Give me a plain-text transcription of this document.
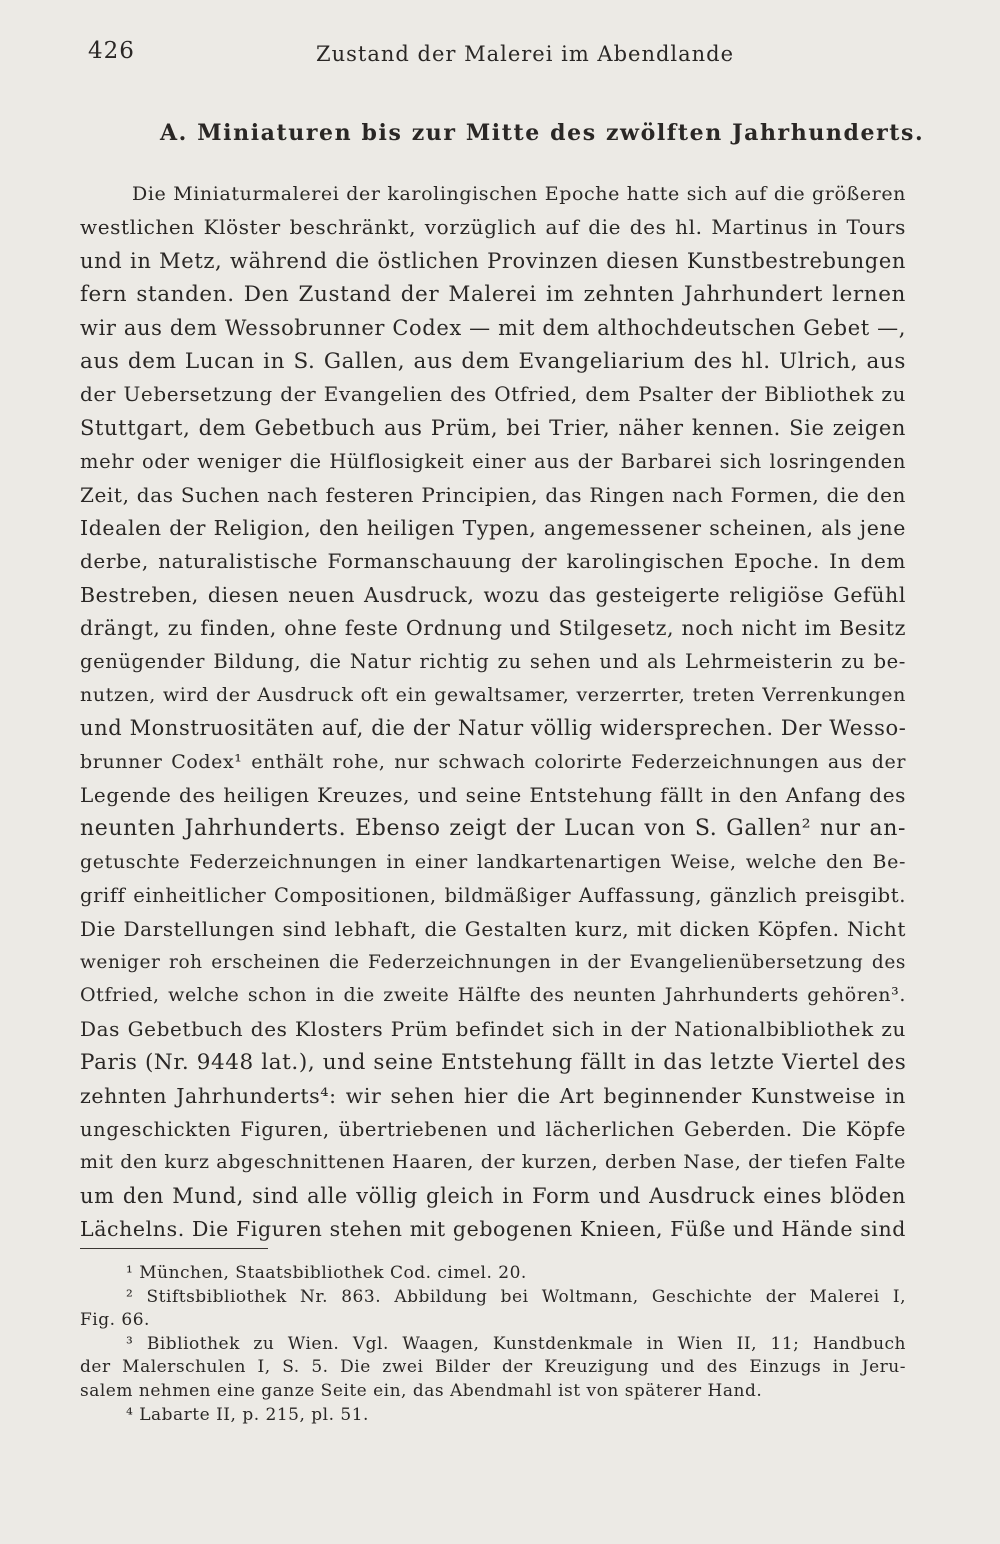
426	Zustand der Malerei im Abendlande
A. Miniaturen bis zur Mitte des zwölften Jahrhunderts.
Die Miniaturmalerei der karolingischen Epoche hatte sich auf die größeren
westlichen Klöster beschränkt, vorzüglich auf die des hl. Martinus in Tours
und in Metz, während die östlichen Provinzen diesen Kunstbestrebungen
fern standen. Den Zustand der Malerei im zehnten Jahrhundert lernen
wir aus dem Wessobrunner Codex — mit dem althochdeutschen Gebet —,
aus dem Lucan in S. Gallen, aus dem Evangeliarium des hl. Ulrich, aus
der Uebersetzung der Evangelien des Otfried, dem Psalter der Bibliothek zu
Stuttgart, dem Gebetbuch aus Prüm, bei Trier, näher kennen. Sie zeigen
mehr oder weniger die Hülflosigkeit einer aus der Barbarei sich losringenden
Zeit, das Suchen nach festeren Principien, das Ringen nach Formen, die den
Idealen der Religion, den heiligen Typen, angemessener scheinen, als jene
derbe, naturalistische Formanschauung der karolingischen Epoche. In dem
Bestreben, diesen neuen Ausdruck, wozu das gesteigerte religiöse Gefühl
drängt, zu finden, ohne feste Ordnung und Stilgesetz, noch nicht im Besitz
genügender Bildung, die Natur richtig zu sehen und als Lehrmeisterin zu be-
nutzen, wird der Ausdruck oft ein gewaltsamer, verzerrter, treten Verrenkungen
und Monstruositäten auf, die der Natur völlig widersprechen. Der Wesso-
brunner Codex¹ enthält rohe, nur schwach colorirte Federzeichnungen aus der
Legende des heiligen Kreuzes, und seine Entstehung fällt in den Anfang des
neunten Jahrhunderts. Ebenso zeigt der Lucan von S. Gallen² nur an-
getuschte Federzeichnungen in einer landkartenartigen Weise, welche den Be-
griff einheitlicher Compositionen, bildmäßiger Auffassung, gänzlich preisgibt.
Die Darstellungen sind lebhaft, die Gestalten kurz, mit dicken Köpfen. Nicht
weniger roh erscheinen die Federzeichnungen in der Evangelienübersetzung des
Otfried, welche schon in die zweite Hälfte des neunten Jahrhunderts gehören³.
Das Gebetbuch des Klosters Prüm befindet sich in der Nationalbibliothek zu
Paris (Nr. 9448 lat.), und seine Entstehung fällt in das letzte Viertel des
zehnten Jahrhunderts⁴: wir sehen hier die Art beginnender Kunstweise in
ungeschickten Figuren, übertriebenen und lächerlichen Geberden. Die Köpfe
mit den kurz abgeschnittenen Haaren, der kurzen, derben Nase, der tiefen Falte
um den Mund, sind alle völlig gleich in Form und Ausdruck eines blöden
Lächelns. Die Figuren stehen mit gebogenen Knieen, Füße und Hände sind
¹ München, Staatsbibliothek Cod. cimel. 20.
² Stiftsbibliothek Nr. 863. Abbildung bei Woltmann, Geschichte der Malerei I,
Fig. 66.
³ Bibliothek zu Wien. Vgl. Waagen, Kunstdenkmale in Wien II, 11; Handbuch
der Malerschulen I, S. 5. Die zwei Bilder der Kreuzigung und des Einzugs in Jeru-
salem nehmen eine ganze Seite ein, das Abendmahl ist von späterer Hand.
⁴ Labarte II, p. 215, pl. 51.
